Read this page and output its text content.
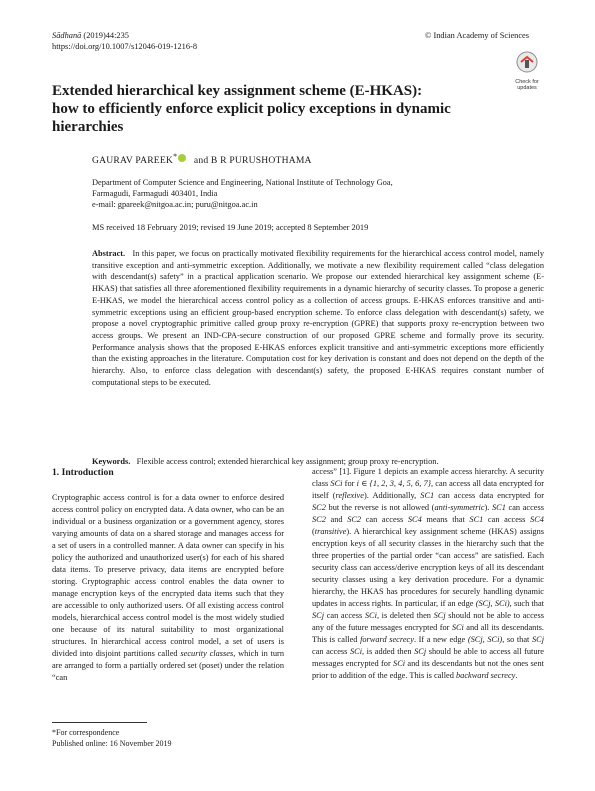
Sādhanā (2019)44:235
https://doi.org/10.1007/s12046-019-1216-8
© Indian Academy of Sciences
Check for
updates
Extended hierarchical key assignment scheme (E-HKAS):
how to efficiently enforce explicit policy exceptions in dynamic
hierarchies
GAURAV PAREEK* and B R PURUSHOTHAMA
Department of Computer Science and Engineering, National Institute of Technology Goa,
Farmagudi, Farmagudi 403401, India
e-mail: gpareek@nitgoa.ac.in; puru@nitgoa.ac.in
MS received 18 February 2019; revised 19 June 2019; accepted 8 September 2019
Abstract. In this paper, we focus on practically motivated flexibility requirements for the hierarchical access control model, namely transitive exception and anti-symmetric exception. Additionally, we motivate a new flexibility requirement called “class delegation with descendant(s) safety” in a practical application scenario. We propose our extended hierarchical key assignment scheme (E-HKAS) that satisfies all three aforementioned flexibility requirements in a dynamic hierarchy of security classes. To propose a generic E-HKAS, we model the hierarchical access control policy as a collection of access groups. E-HKAS enforces transitive and anti-symmetric exceptions using an efficient group-based encryption scheme. To enforce class delegation with descendant(s) safety, we propose a novel cryptographic primitive called group proxy re-encryption (GPRE) that supports proxy re-encryption between two access groups. We present an IND-CPA-secure construction of our proposed GPRE scheme and formally prove its security. Performance analysis shows that the proposed E-HKAS enforces explicit transitive and anti-symmetric exceptions more efficiently than the existing approaches in the literature. Computation cost for key derivation is constant and does not depend on the depth of the hierarchy. Also, to enforce class delegation with descendant(s) safety, the proposed E-HKAS requires constant number of computational steps to be executed.
Keywords. Flexible access control; extended hierarchical key assignment; group proxy re-encryption.
1. Introduction

Cryptographic access control is for a data owner to enforce desired access control policy on encrypted data. A data owner, who can be an individual or a business organization or a government agency, stores varying amounts of data on a shared storage and manages access for a set of users in a controlled manner. A data owner can specify in his policy the authorized and unauthorized user(s) for each of his shared data items. To preserve privacy, data items are encrypted before storing. Cryptographic access control enables the data owner to manage encryption keys of the encrypted data items such that they are accessible to only authorized users. Of all existing access control models, hierarchical access control model is the most widely studied one because of its natural suitability to most organizational structures. In hierarchical access control model, a set of users is divided into disjoint partitions called security classes, which in turn are arranged to form a partially ordered set (poset) under the relation “can

access” [1]. Figure 1 depicts an example access hierarchy. A security class SCi for i ∈ {1, 2, 3, 4, 5, 6, 7}, can access all data encrypted for itself (reflexive). Additionally, SC1 can access data encrypted for SC2 but the reverse is not allowed (anti-symmetric). SC1 can access SC2 and SC2 can access SC4 means that SC1 can access SC4 (transitive). A hierarchical key assignment scheme (HKAS) assigns encryption keys of all security classes in the hierarchy such that the three properties of the partial order “can access” are satisfied. Each security class can access/derive encryption keys of all its descendant security classes using a key derivation procedure. For a dynamic hierarchy, the HKAS has procedures for securely handling dynamic updates in access rights. In particular, if an edge (SCj, SCi), such that SCj can access SCi, is deleted then SCj should not be able to access any of the future messages encrypted for SCi and all its descendants. This is called forward secrecy. If a new edge (SCj, SCi), so that SCj can access SCi, is added then SCj should be able to access all future messages encrypted for SCi and its descendants but not the ones sent prior to addition of the edge. This is called backward secrecy.

*For correspondence
Published online: 16 November 2019
